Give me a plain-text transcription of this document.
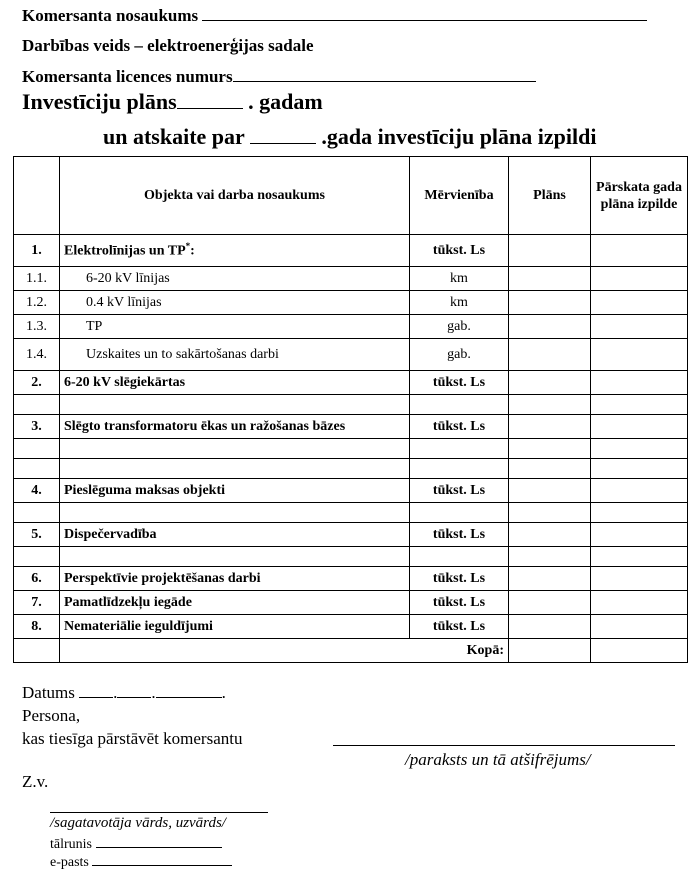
Komersanta nosaukums
Darbības veids – elektroenerģijas sadale
Komersanta licences numurs
Investīciju plāns	. gadam
un atskaite par	.gada investīciju plāna izpildi
	Objekta vai darba nosaukums	Mērvienība	Plāns	Pārskata gada plāna izpilde
1.	Elektrolīnijas un TP*:	tūkst. Ls		
1.1.	6-20 kV līnijas	km		
1.2.	0.4 kV līnijas	km		
1.3.	TP	gab.		
1.4.	Uzskaites un to sakārtošanas darbi	gab.		
2.	6-20 kV slēgiekārtas	tūkst. Ls		

3.	Slēgto transformatoru ēkas un ražošanas bāzes	tūkst. Ls		

4.	Pieslēguma maksas objekti	tūkst. Ls		

5.	Dispečervadība	tūkst. Ls		

6.	Perspektīvie projektēšanas darbi	tūkst. Ls		
7.	Pamatlīdzekļu iegāde	tūkst. Ls		
8.	Nemateriālie ieguldījumi	tūkst. Ls		
	Kopā:			
Datums . .	.
Persona,
kas tiesīga pārstāvēt komersantu
/paraksts un tā atšifrējums/
Z.v.
/sagatavotāja vārds, uzvārds/
tālrunis
e-pasts
